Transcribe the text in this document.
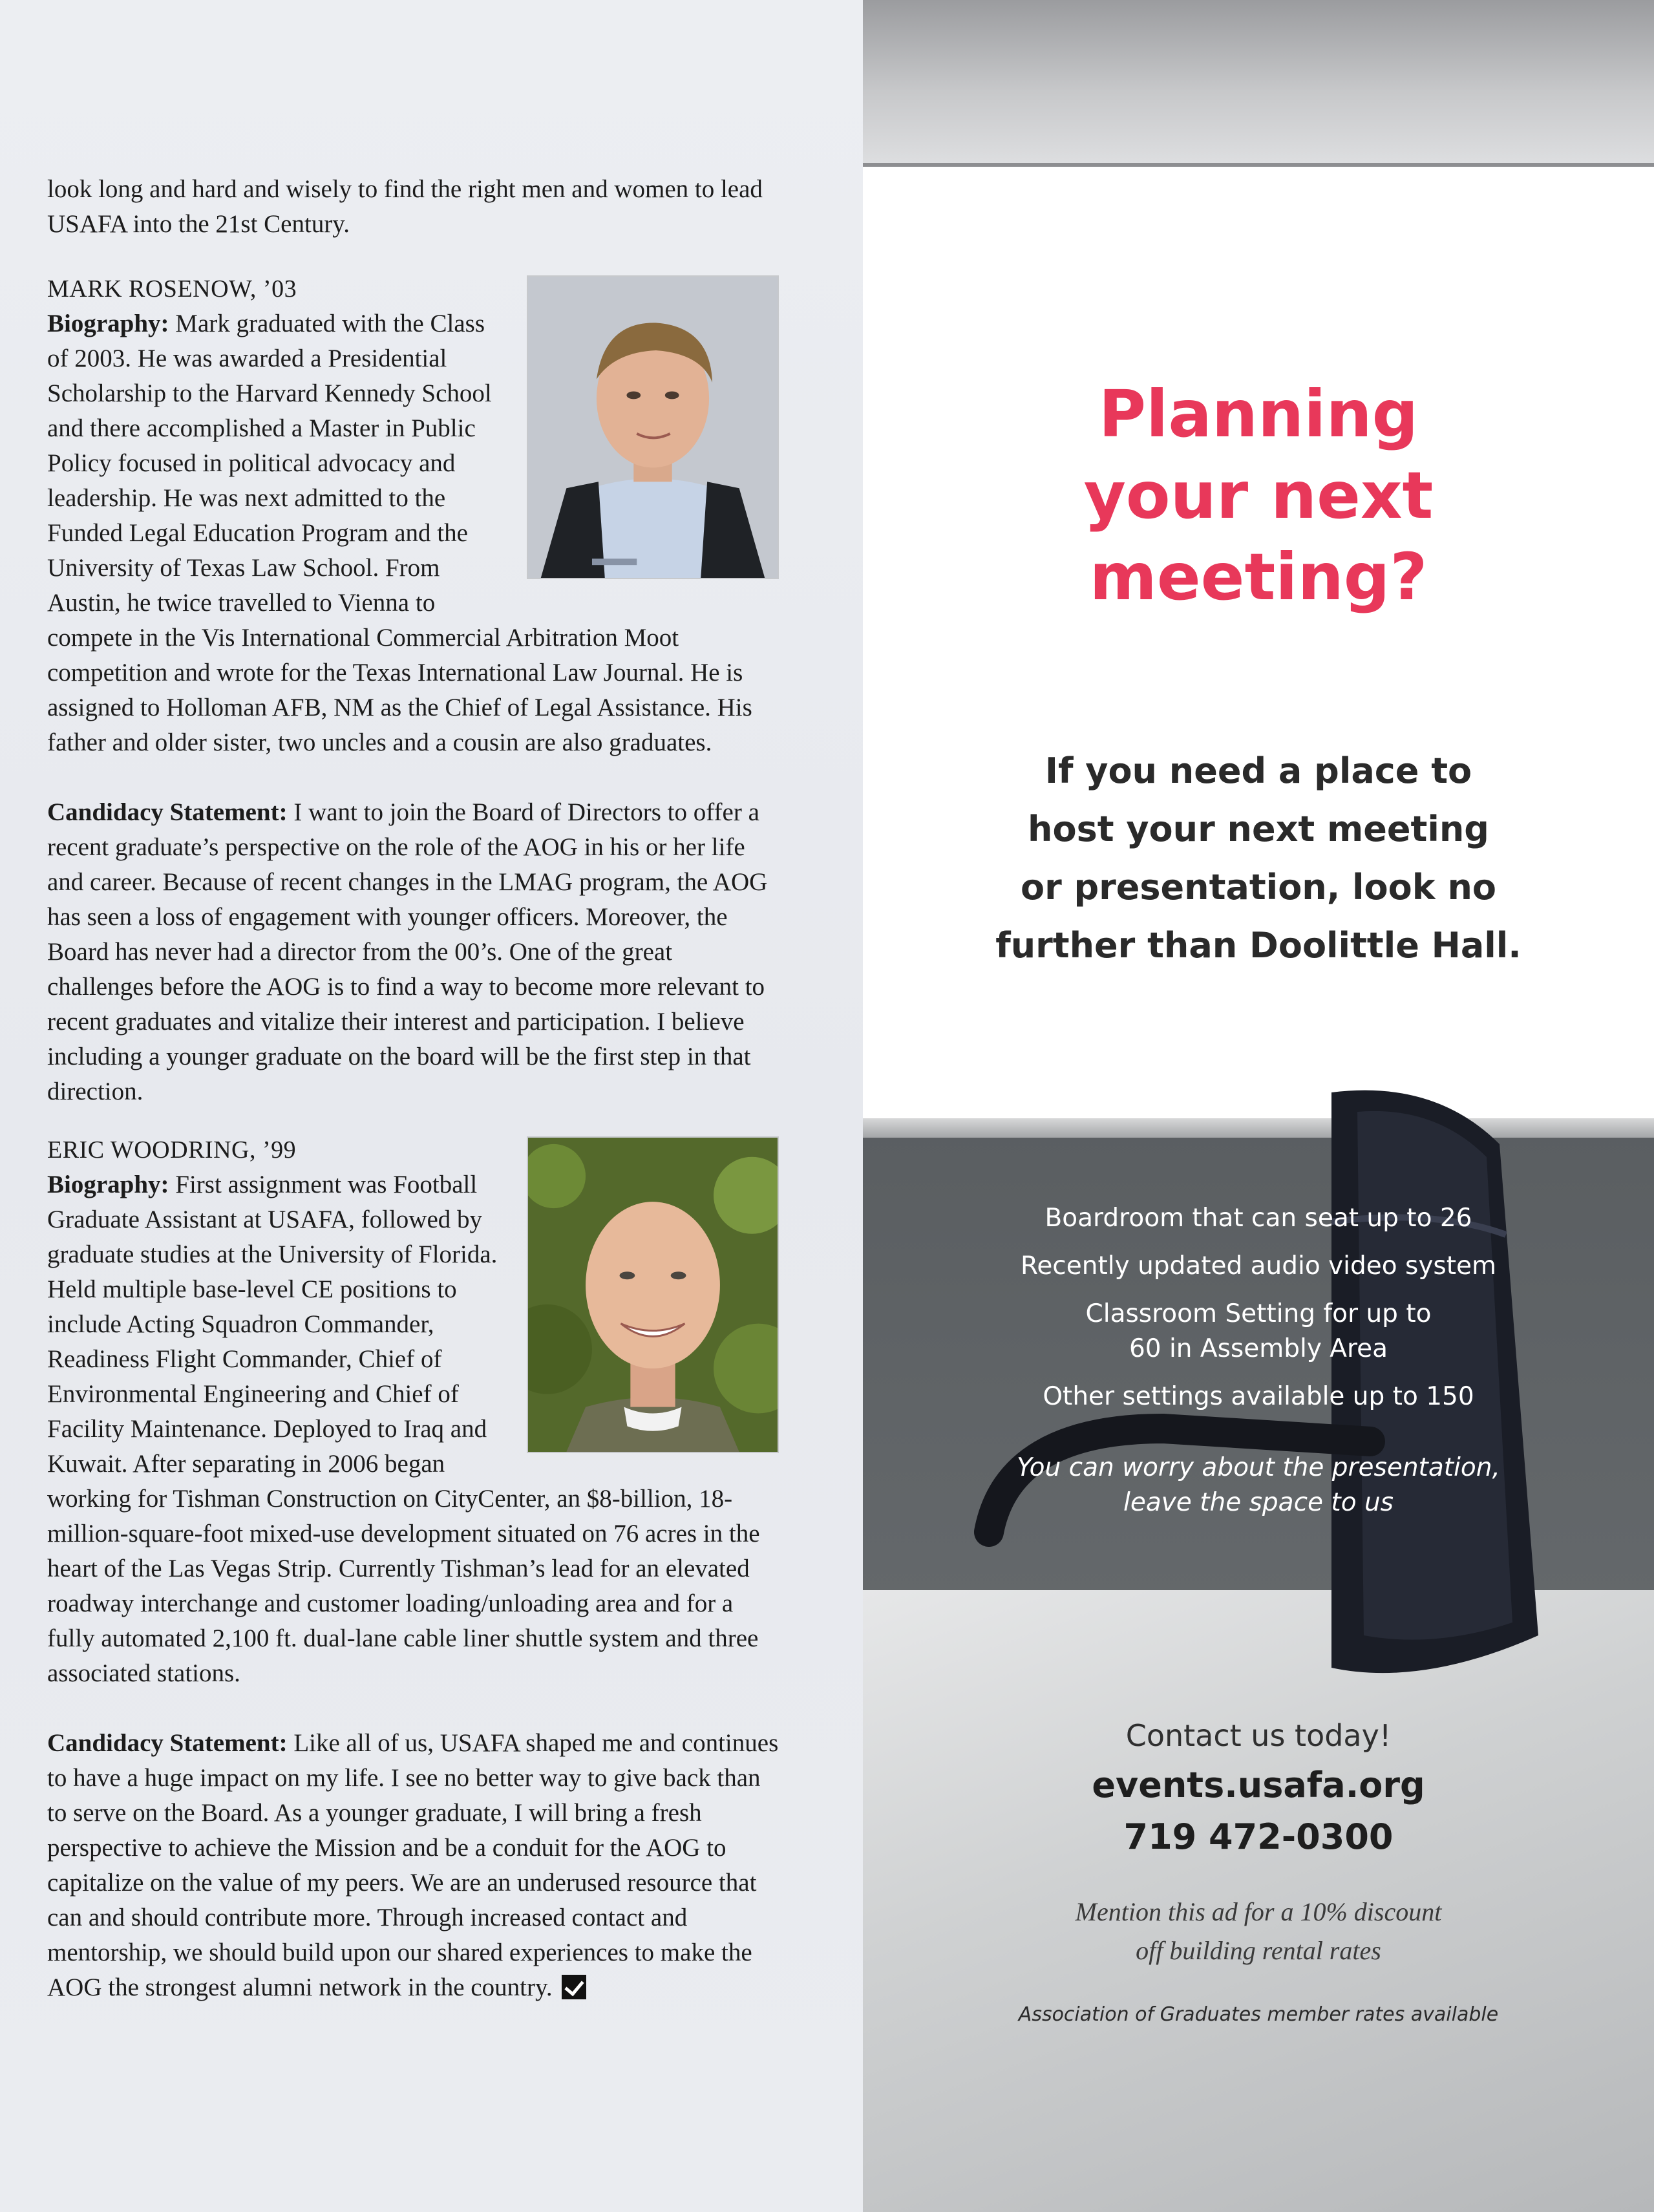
look long and hard and wisely to find the right men and women to lead USAFA into the 21st Century.
MARK ROSENOW, ’03

Biography: Mark graduated with the Class of 2003. He was awarded a Presidential Scholarship to the Harvard Kennedy School and there accomplished a Master in Public Policy focused in political advocacy and leadership. He was next admitted to the Funded Legal Education Program and the University of Texas Law School. From Austin, he twice travelled to Vienna to compete in the Vis International Commercial Arbitration Moot competition and wrote for the Texas International Law Journal. He is assigned to Holloman AFB, NM as the Chief of Legal Assistance. His father and older sister, two uncles and a cousin are also graduates.

Candidacy Statement: I want to join the Board of Directors to offer a recent graduate’s perspective on the role of the AOG in his or her life and career. Because of recent changes in the LMAG program, the AOG has seen a loss of engagement with younger officers. Moreover, the Board has never had a director from the 00’s. One of the great challenges before the AOG is to find a way to become more relevant to recent graduates and vitalize their interest and participation. I believe including a younger graduate on the board will be the first step in that direction.

ERIC WOODRING, ’99

Biography: First assignment was Football Graduate Assistant at USAFA, followed by graduate studies at the University of Florida. Held multiple base-level CE positions to include Acting Squadron Commander, Readiness Flight Commander, Chief of Environmental Engineering and Chief of Facility Maintenance. Deployed to Iraq and Kuwait. After separating in 2006 began working for Tishman Construction on CityCenter, an $8-billion, 18-million-square-foot mixed-use development situated on 76 acres in the heart of the Las Vegas Strip. Currently Tishman’s lead for an elevated roadway interchange and customer loading/unloading area and for a fully automated 2,100 ft. dual-lane cable liner shuttle system and three associated stations.

Candidacy Statement: Like all of us, USAFA shaped me and continues to have a huge impact on my life. I see no better way to give back than to serve on the Board. As a younger graduate, I will bring a fresh perspective to achieve the Mission and be a conduit for the AOG to capitalize on the value of my peers. We are an underused resource that can and should contribute more. Through increased contact and mentorship, we should build upon our shared experiences to make the AOG the strongest alumni network in the country.

Planning
your next
meeting?
If you need a place to
host your next meeting
or presentation, look no
further than Doolittle Hall.
Boardroom that can seat up to 26
Recently updated audio video system
Classroom Setting for up to
60 in Assembly Area
Other settings available up to 150
You can worry about the presentation,
leave the space to us
Contact us today!
events.usafa.org
719 472-0300
Mention this ad for a 10% discount
off building rental rates
Association of Graduates member rates available
